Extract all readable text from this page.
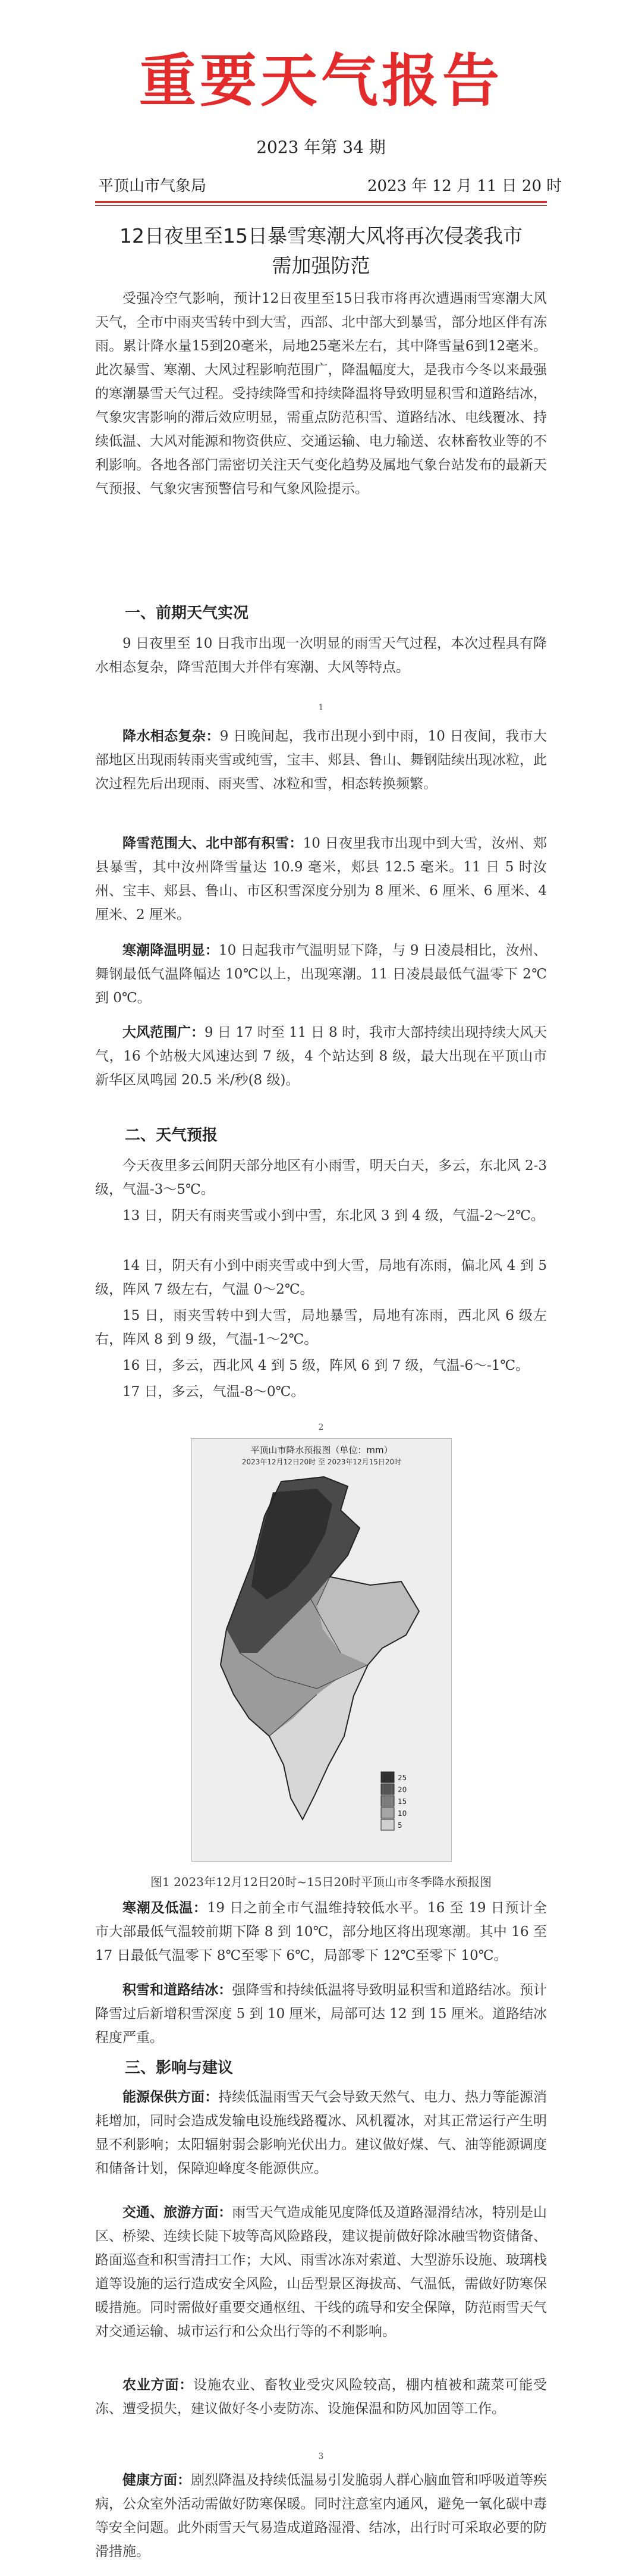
重要天气报告
2023 年第 34 期
平顶山市气象局	2023 年 12 月 11 日 20 时
12日夜里至15日暴雪寒潮大风将再次侵袭我市需加强防范
受强冷空气影响，预计12日夜里至15日我市将再次遭遇雨雪寒潮大风天气，全市中雨夹雪转中到大雪，西部、北中部大到暴雪，部分地区伴有冻雨。累计降水量15到20毫米，局地25毫米左右，其中降雪量6到12毫米。此次暴雪、寒潮、大风过程影响范围广，降温幅度大，是我市今冬以来最强的寒潮暴雪天气过程。受持续降雪和持续降温将导致明显积雪和道路结冰，气象灾害影响的滞后效应明显，需重点防范积雪、道路结冰、电线覆冰、持续低温、大风对能源和物资供应、交通运输、电力输送、农林畜牧业等的不利影响。各地各部门需密切关注天气变化趋势及属地气象台站发布的最新天气预报、气象灾害预警信号和气象风险提示。
一、前期天气实况
9 日夜里至 10 日我市出现一次明显的雨雪天气过程，本次过程具有降水相态复杂，降雪范围大并伴有寒潮、大风等特点。
1
降水相态复杂：9 日晚间起，我市出现小到中雨，10 日夜间，我市大部地区出现雨转雨夹雪或纯雪，宝丰、郏县、鲁山、舞钢陆续出现冰粒，此次过程先后出现雨、雨夹雪、冰粒和雪，相态转换频繁。
降雪范围大、北中部有积雪：10 日夜里我市出现中到大雪，汝州、郏县暴雪，其中汝州降雪量达 10.9 毫米，郏县 12.5 毫米。11 日 5 时汝州、宝丰、郏县、鲁山、市区积雪深度分别为 8 厘米、6 厘米、6 厘米、4 厘米、2 厘米。
寒潮降温明显：10 日起我市气温明显下降，与 9 日凌晨相比，汝州、舞钢最低气温降幅达 10℃以上，出现寒潮。11 日凌晨最低气温零下 2℃到 0℃。
大风范围广：9 日 17 时至 11 日 8 时，我市大部持续出现持续大风天气，16 个站极大风速达到 7 级，4 个站达到 8 级，最大出现在平顶山市新华区凤鸣园 20.5 米/秒(8 级)。
二、天气预报
今天夜里多云间阴天部分地区有小雨雪，明天白天，多云，东北风 2-3 级，气温-3～5℃。
13 日，阴天有雨夹雪或小到中雪，东北风 3 到 4 级，气温-2～2℃。
14 日，阴天有小到中雨夹雪或中到大雪，局地有冻雨，偏北风 4 到 5 级，阵风 7 级左右，气温 0～2℃。
15 日，雨夹雪转中到大雪，局地暴雪，局地有冻雨，西北风 6 级左右，阵风 8 到 9 级，气温-1～2℃。
16 日，多云，西北风 4 到 5 级，阵风 6 到 7 级，气温-6～-1℃。
17 日，多云，气温-8～0℃。
2
平顶山市降水预报图（单位：mm）
2023年12月12日20时 至 2023年12月15日20时
25
20
15
10
5
图1 2023年12月12日20时~15日20时平顶山市冬季降水预报图
寒潮及低温：19 日之前全市气温维持较低水平。16 至 19 日预计全市大部最低气温较前期下降 8 到 10℃，部分地区将出现寒潮。其中 16 至 17 日最低气温零下 8℃至零下 6℃，局部零下 12℃至零下 10℃。
积雪和道路结冰：强降雪和持续低温将导致明显积雪和道路结冰。预计降雪过后新增积雪深度 5 到 10 厘米，局部可达 12 到 15 厘米。道路结冰程度严重。
三、影响与建议
能源保供方面：持续低温雨雪天气会导致天然气、电力、热力等能源消耗增加，同时会造成发输电设施线路覆冰、风机覆冰，对其正常运行产生明显不利影响；太阳辐射弱会影响光伏出力。建议做好煤、气、油等能源调度和储备计划，保障迎峰度冬能源供应。
交通、旅游方面：雨雪天气造成能见度降低及道路湿滑结冰，特别是山区、桥梁、连续长陡下坡等高风险路段，建议提前做好除冰融雪物资储备、路面巡查和积雪清扫工作；大风、雨雪冰冻对索道、大型游乐设施、玻璃栈道等设施的运行造成安全风险，山岳型景区海拔高、气温低，需做好防寒保暖措施。同时需做好重要交通枢纽、干线的疏导和安全保障，防范雨雪天气对交通运输、城市运行和公众出行等的不利影响。
3
农业方面：设施农业、畜牧业受灾风险较高，棚内植被和蔬菜可能受冻、遭受损失，建议做好冬小麦防冻、设施保温和防风加固等工作。
健康方面：剧烈降温及持续低温易引发脆弱人群心脑血管和呼吸道等疾病，公众室外活动需做好防寒保暖。同时注意室内通风，避免一氧化碳中毒等安全问题。此外雨雪天气易造成道路湿滑、结冰，出行时可采取必要的防滑措施。
